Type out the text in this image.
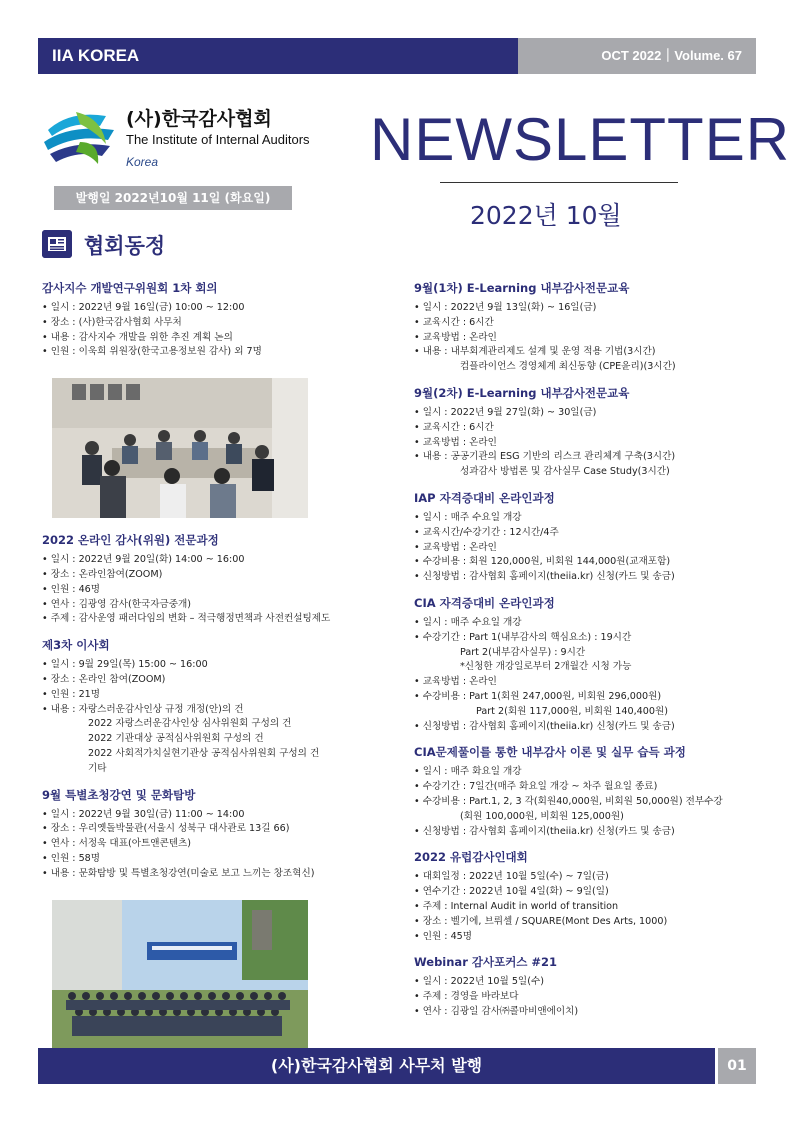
IIA KOREA	OCT 2022｜Volume. 67
(사)한국감사협회
The Institute of Internal Auditors
Korea	NEWSLETTER
2022년 10월
발행일 2022년10월 11일 (화요일)
협회동정
감사지수 개발연구위원회 1차 회의
• 일시 : 2022년 9월 16일(금) 10:00 ~ 12:00
• 장소 : (사)한국감사협회 사무처
• 내용 : 감사지수 개발을 위한 추진 계획 논의
• 인원 : 이욱희 위원장(한국고용정보원 감사) 외 7명
2022 온라인 감사(위원) 전문과정
• 일시 : 2022년 9월 20일(화) 14:00 ~ 16:00
• 장소 : 온라인참여(ZOOM)
• 인원 : 46명
• 연사 : 김광영 감사(한국자금중개)
• 주제 : 감사운영 패러다임의 변화 – 적극행정면책과 사전컨설팅제도
제3차 이사회
• 일시 : 9월 29일(목) 15:00 ~ 16:00
• 장소 : 온라인 참여(ZOOM)
• 인원 : 21명
• 내용 : 자랑스러운감사인상 규정 개정(안)의 건
2022 자랑스러운감사인상 심사위원회 구성의 건
2022 기관대상 공적심사위원회 구성의 건
2022 사회적가치실현기관상 공적심사위원회 구성의 건
기타
9월 특별초청강연 및 문화탐방
• 일시 : 2022년 9월 30일(금) 11:00 ~ 14:00
• 장소 : 우리옛돌박물관(서울시 성북구 대사관로 13길 66)
• 연사 : 서정욱 대표(아트앤콘텐츠)
• 인원 : 58명
• 내용 : 문화탐방 및 특별초청강연(미술로 보고 느끼는 창조혁신)
9월(1차) E-Learning 내부감사전문교육
• 일시 : 2022년 9월 13일(화) ~ 16일(금)
• 교육시간 : 6시간
• 교육방법 : 온라인
• 내용 : 내부회계관리제도 설계 및 운영 적용 기법(3시간)
컴플라이언스 경영체계 최신동향 (CPE윤리)(3시간)
9월(2차) E-Learning 내부감사전문교육
• 일시 : 2022년 9월 27일(화) ~ 30일(금)
• 교육시간 : 6시간
• 교육방법 : 온라인
• 내용 : 공공기관의 ESG 기반의 리스크 관리체계 구축(3시간)
성과감사 방법론 및 감사실무 Case Study(3시간)
IAP 자격증대비 온라인과정
• 일시 : 매주 수요일 개강
• 교육시간/수강기간 : 12시간/4주
• 교육방법 : 온라인
• 수강비용 : 회원 120,000원, 비회원 144,000원(교재포함)
• 신청방법 : 감사협회 홈페이지(theiia.kr) 신청(카드 및 송금)
CIA 자격증대비 온라인과정
• 일시 : 매주 수요일 개강
• 수강기간 : Part 1(내부감사의 핵심요소) : 19시간
Part 2(내부감사실무) : 9시간
*신청한 개강일로부터 2개월간 시청 가능
• 교육방법 : 온라인
• 수강비용 : Part 1(회원 247,000원, 비회원 296,000원)
Part 2(회원 117,000원, 비회원 140,400원)
• 신청방법 : 감사협회 홈페이지(theiia.kr) 신청(카드 및 송금)
CIA문제풀이를 통한 내부감사 이론 및 실무 습득 과정
• 일시 : 매주 화요일 개강
• 수강기간 : 7일간(매주 화요일 개강 ~ 차주 월요일 종료)
• 수강비용 : Part.1, 2, 3 각(회원40,000원, 비회원 50,000원) 전부수강
(회원 100,000원, 비회원 125,000원)
• 신청방법 : 감사협회 홈페이지(theiia.kr) 신청(카드 및 송금)
2022 유럽감사인대회
• 대회일정 : 2022년 10월 5일(수) ~ 7일(금)
• 연수기간 : 2022년 10월 4일(화) ~ 9일(일)
• 주제 : Internal Audit in world of transition
• 장소 : 벨기에, 브뤼셀 / SQUARE(Mont Des Arts, 1000)
• 인원 : 45명
Webinar 감사포커스 #21
• 일시 : 2022년 10월 5일(수)
• 주제 : 경영을 바라보다
• 연사 : 김광일 감사㈜콜마비앤에이치)
(사)한국감사협회 사무처 발행	01
